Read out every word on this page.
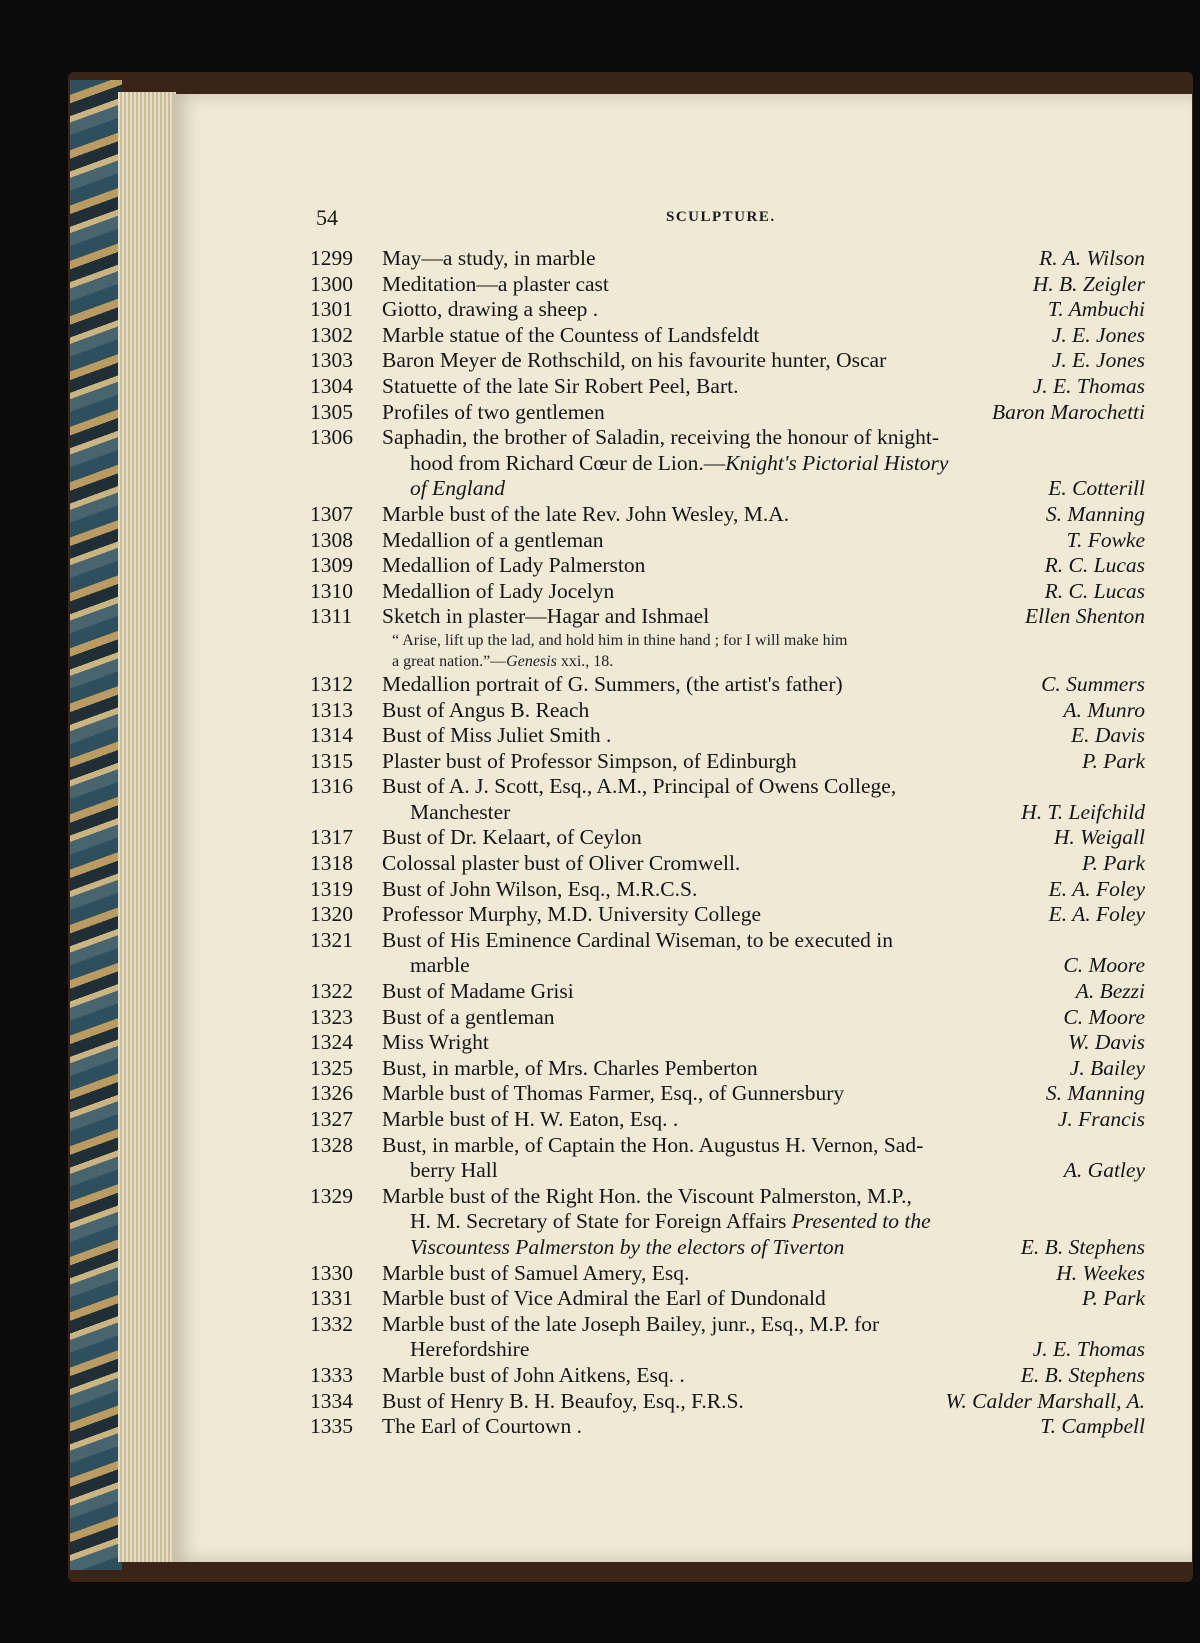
54	SCULPTURE.
1299	May—a study, in marble	R. A. Wilson
1300	Meditation—a plaster cast	H. B. Zeigler
1301	Giotto, drawing a sheep .	T. Ambuchi
1302	Marble statue of the Countess of Landsfeldt	J. E. Jones
1303	Baron Meyer de Rothschild, on his favourite hunter, Oscar	J. E. Jones
1304	Statuette of the late Sir Robert Peel, Bart.	J. E. Thomas
1305	Profiles of two gentlemen	Baron Marochetti
1306	Saphadin, the brother of Saladin, receiving the honour of knight-
hood from Richard Cœur de Lion.—Knight's Pictorial History
of England	E. Cotterill
1307	Marble bust of the late Rev. John Wesley, M.A.	S. Manning
1308	Medallion of a gentleman	T. Fowke
1309	Medallion of Lady Palmerston	R. C. Lucas
1310	Medallion of Lady Jocelyn	R. C. Lucas
1311	Sketch in plaster—Hagar and Ishmael	Ellen Shenton
“ Arise, lift up the lad, and hold him in thine hand ; for I will make him
a great nation.”—Genesis xxi., 18.
1312	Medallion portrait of G. Summers, (the artist's father)	C. Summers
1313	Bust of Angus B. Reach	A. Munro
1314	Bust of Miss Juliet Smith .	E. Davis
1315	Plaster bust of Professor Simpson, of Edinburgh	P. Park
1316	Bust of A. J. Scott, Esq., A.M., Principal of Owens College,
Manchester	H. T. Leifchild
1317	Bust of Dr. Kelaart, of Ceylon	H. Weigall
1318	Colossal plaster bust of Oliver Cromwell.	P. Park
1319	Bust of John Wilson, Esq., M.R.C.S.	E. A. Foley
1320	Professor Murphy, M.D. University College	E. A. Foley
1321	Bust of His Eminence Cardinal Wiseman, to be executed in
marble	C. Moore
1322	Bust of Madame Grisi	A. Bezzi
1323	Bust of a gentleman	C. Moore
1324	Miss Wright	W. Davis
1325	Bust, in marble, of Mrs. Charles Pemberton	J. Bailey
1326	Marble bust of Thomas Farmer, Esq., of Gunnersbury	S. Manning
1327	Marble bust of H. W. Eaton, Esq. .	J. Francis
1328	Bust, in marble, of Captain the Hon. Augustus H. Vernon, Sad-
berry Hall	A. Gatley
1329	Marble bust of the Right Hon. the Viscount Palmerston, M.P.,
H. M. Secretary of State for Foreign Affairs Presented to the
Viscountess Palmerston by the electors of Tiverton	E. B. Stephens
1330	Marble bust of Samuel Amery, Esq.	H. Weekes
1331	Marble bust of Vice Admiral the Earl of Dundonald	P. Park
1332	Marble bust of the late Joseph Bailey, junr., Esq., M.P. for
Herefordshire	J. E. Thomas
1333	Marble bust of John Aitkens, Esq. .	E. B. Stephens
1334	Bust of Henry B. H. Beaufoy, Esq., F.R.S.	W. Calder Marshall, A.
1335	The Earl of Courtown .	T. Campbell
